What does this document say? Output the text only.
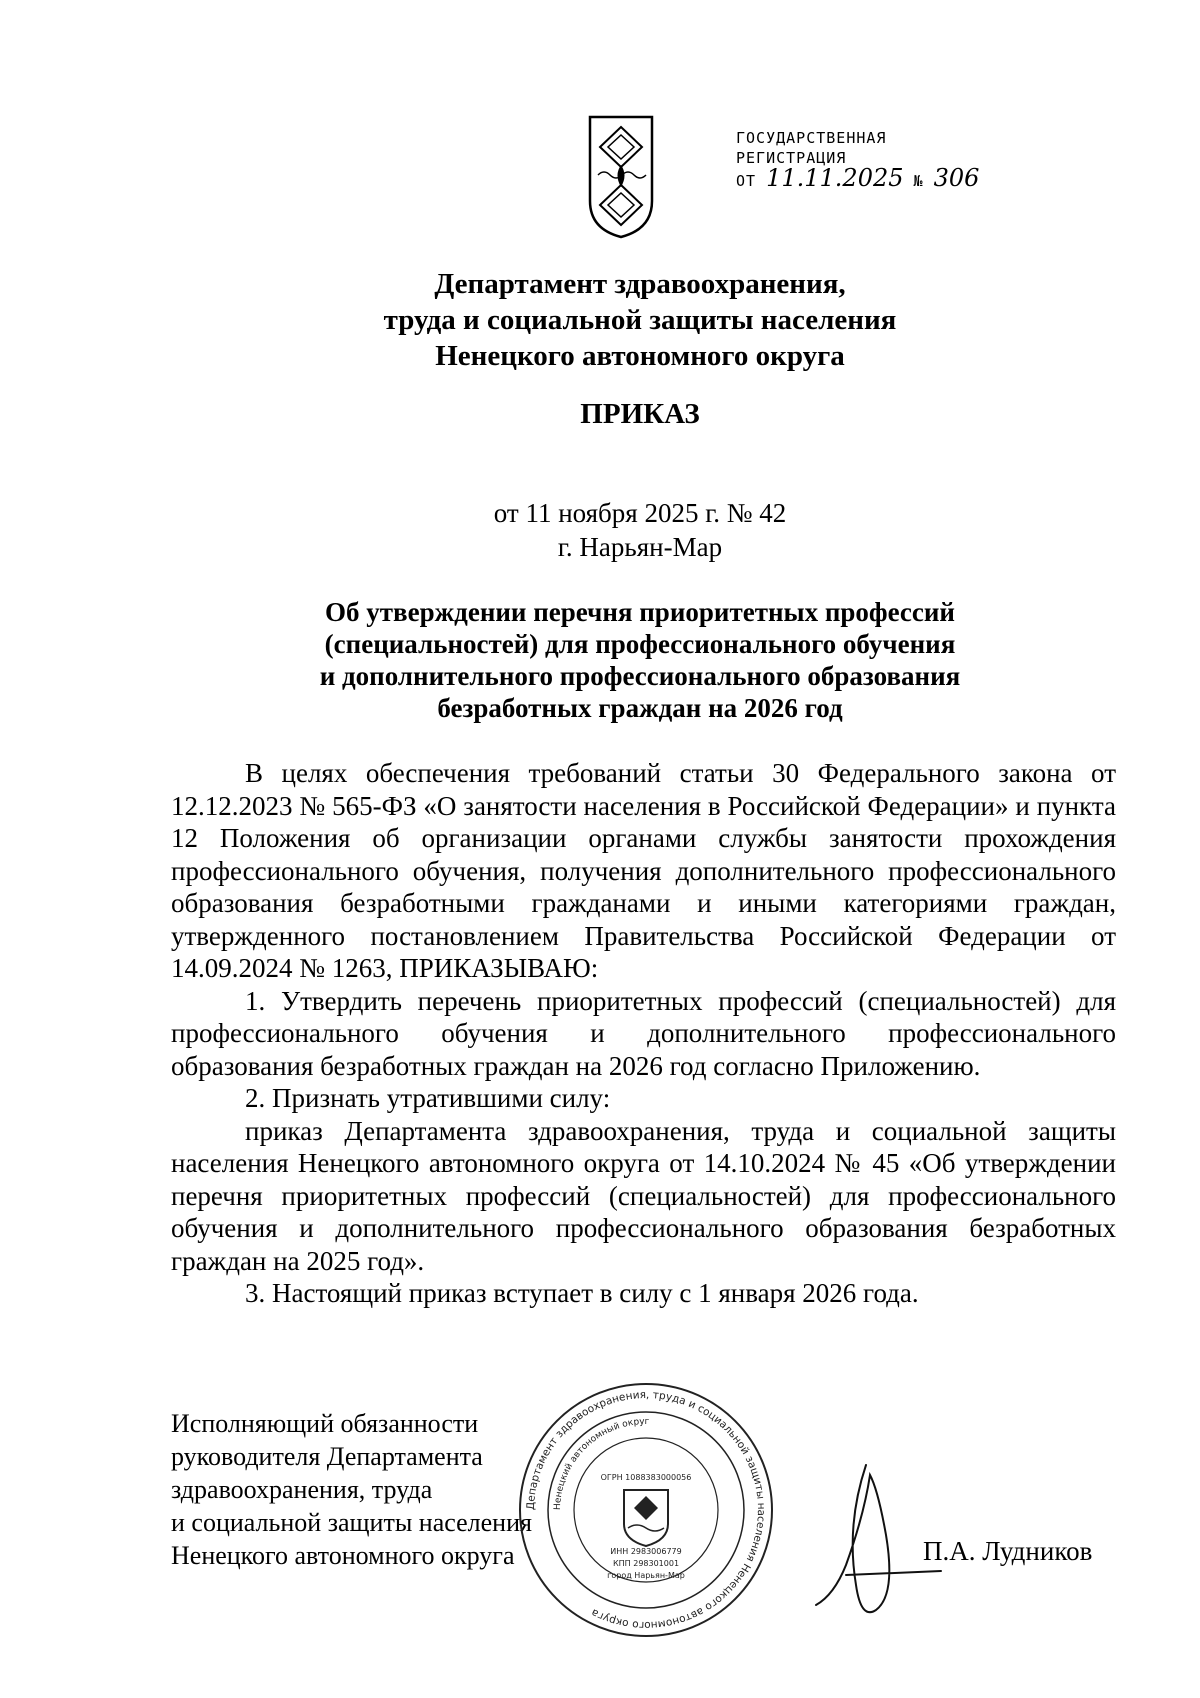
ГОСУДАРСТВЕННАЯ
РЕГИСТРАЦИЯ
ОТ 11.11.2025 № 306
Департамент здравоохранения,
труда и социальной защиты населения
Ненецкого автономного округа
ПРИКАЗ
от 11 ноября 2025 г. № 42
г. Нарьян-Мар
Об утверждении перечня приоритетных профессий
(специальностей) для профессионального обучения
и дополнительного профессионального образования
безработных граждан на 2026 год

В целях обеспечения требований статьи 30 Федерального закона от 12.12.2023 № 565-ФЗ «О занятости населения в Российской Федерации» и пункта 12 Положения об организации органами службы занятости прохождения профессионального обучения, получения дополнительного профессионального образования безработными гражданами и иными категориями граждан, утвержденного постановлением Правительства Российской Федерации от 14.09.2024 № 1263, ПРИКАЗЫВАЮ:

1. Утвердить перечень приоритетных профессий (специальностей) для профессионального обучения и дополнительного профессионального образования безработных граждан на 2026 год согласно Приложению.

2. Признать утратившими силу:

приказ Департамента здравоохранения, труда и социальной защиты населения Ненецкого автономного округа от 14.10.2024 № 45 «Об утверждении перечня приоритетных профессий (специальностей) для профессионального обучения и дополнительного профессионального образования безработных граждан на 2025 год».

3. Настоящий приказ вступает в силу с 1 января 2026 года.

Исполняющий обязанности
руководителя Департамента
здравоохранения, труда
и социальной защиты населения
Ненецкого автономного округа
Департамент здравоохранения, труда и социальной защиты населения Ненецкого автономного округа
Ненецкий автономный округ
ОГРН 1088383000056
ИНН 2983006779
КПП 298301001
город Нарьян-Мар
П.А. Лудников
